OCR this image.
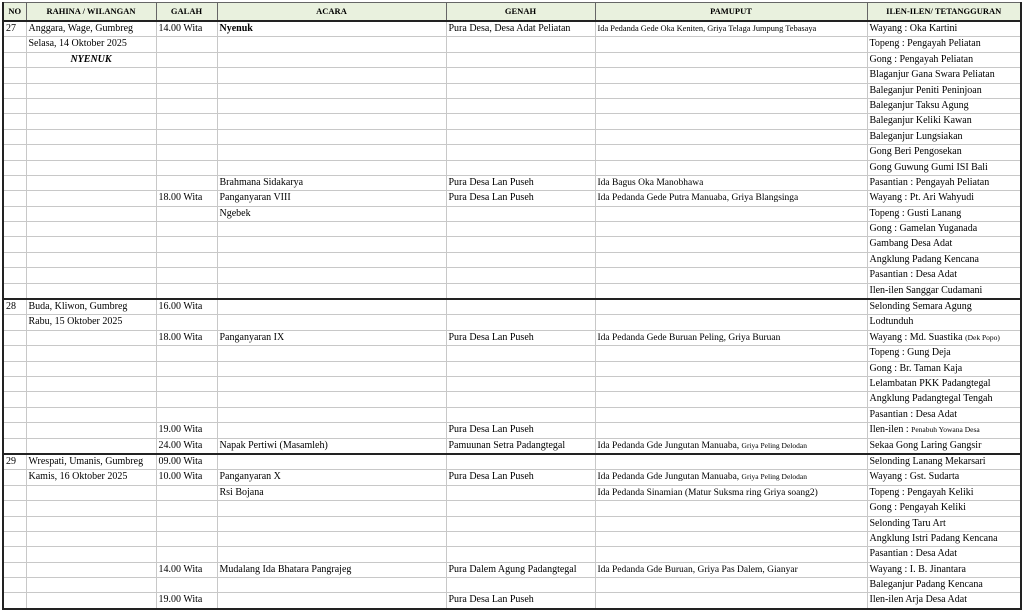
NO	RAHINA / WILANGAN	GALAH	ACARA	GENAH	PAMUPUT	ILEN-ILEN/ TETANGGURAN
27	Anggara, Wage, Gumbreg	14.00 Wita	Nyenuk	Pura Desa, Desa Adat Peliatan	Ida Pedanda Gede Oka Keniten, Griya Telaga Jumpung Tebasaya	Wayang : Oka Kartini
	Selasa, 14 Oktober 2025					Topeng : Pengayah Peliatan
	NYENUK					Gong : Pengayah Peliatan
						Blaganjur Gana Swara Peliatan
						Baleganjur Peniti Peninjoan
						Baleganjur Taksu Agung
						Baleganjur Keliki Kawan
						Baleganjur Lungsiakan
						Gong Beri Pengosekan
						Gong Guwung Gumi ISI Bali
			Brahmana Sidakarya	Pura Desa Lan Puseh	Ida Bagus Oka Manobhawa	Pasantian : Pengayah Peliatan
		18.00 Wita	Panganyaran VIII	Pura Desa Lan Puseh	Ida Pedanda Gede Putra Manuaba, Griya Blangsinga	Wayang : Pt. Ari Wahyudi
			Ngebek			Topeng : Gusti Lanang
						Gong : Gamelan Yuganada
						Gambang Desa Adat
						Angklung Padang Kencana
						Pasantian : Desa Adat
						Ilen-ilen Sanggar Cudamani
28	Buda, Kliwon, Gumbreg	16.00 Wita				Selonding Semara Agung
	Rabu, 15 Oktober 2025					Lodtunduh
		18.00 Wita	Panganyaran IX	Pura Desa Lan Puseh	Ida Pedanda Gede Buruan Peling, Griya Buruan	Wayang : Md. Suastika (Dek Popo)
						Topeng : Gung Deja
						Gong : Br. Taman Kaja
						Lelambatan PKK Padangtegal
						Angklung Padangtegal Tengah
						Pasantian : Desa Adat
		19.00 Wita		Pura Desa Lan Puseh		Ilen-ilen : Penabuh Yowana Desa
		24.00 Wita	Napak Pertiwi (Masamleh)	Pamuunan Setra Padangtegal	Ida Pedanda Gde Jungutan Manuaba, Griya Peling Delodan	Sekaa Gong Laring Gangsir
29	Wrespati, Umanis, Gumbreg	09.00 Wita				Selonding Lanang Mekarsari
	Kamis, 16 Oktober 2025	10.00 Wita	Panganyaran X	Pura Desa Lan Puseh	Ida Pedanda Gde Jungutan Manuaba, Griya Peling Delodan	Wayang : Gst. Sudarta
			Rsi Bojana		Ida Pedanda Sinamian (Matur Suksma ring Griya soang2)	Topeng : Pengayah Keliki
						Gong : Pengayah Keliki
						Selonding Taru Art
						Angklung Istri Padang Kencana
						Pasantian : Desa Adat
		14.00 Wita	Mudalang Ida Bhatara Pangrajeg	Pura Dalem Agung Padangtegal	Ida Pedanda Gde Buruan, Griya Pas Dalem, Gianyar	Wayang : I. B. Jinantara
						Baleganjur Padang Kencana
		19.00 Wita		Pura Desa Lan Puseh		Ilen-ilen Arja Desa Adat
